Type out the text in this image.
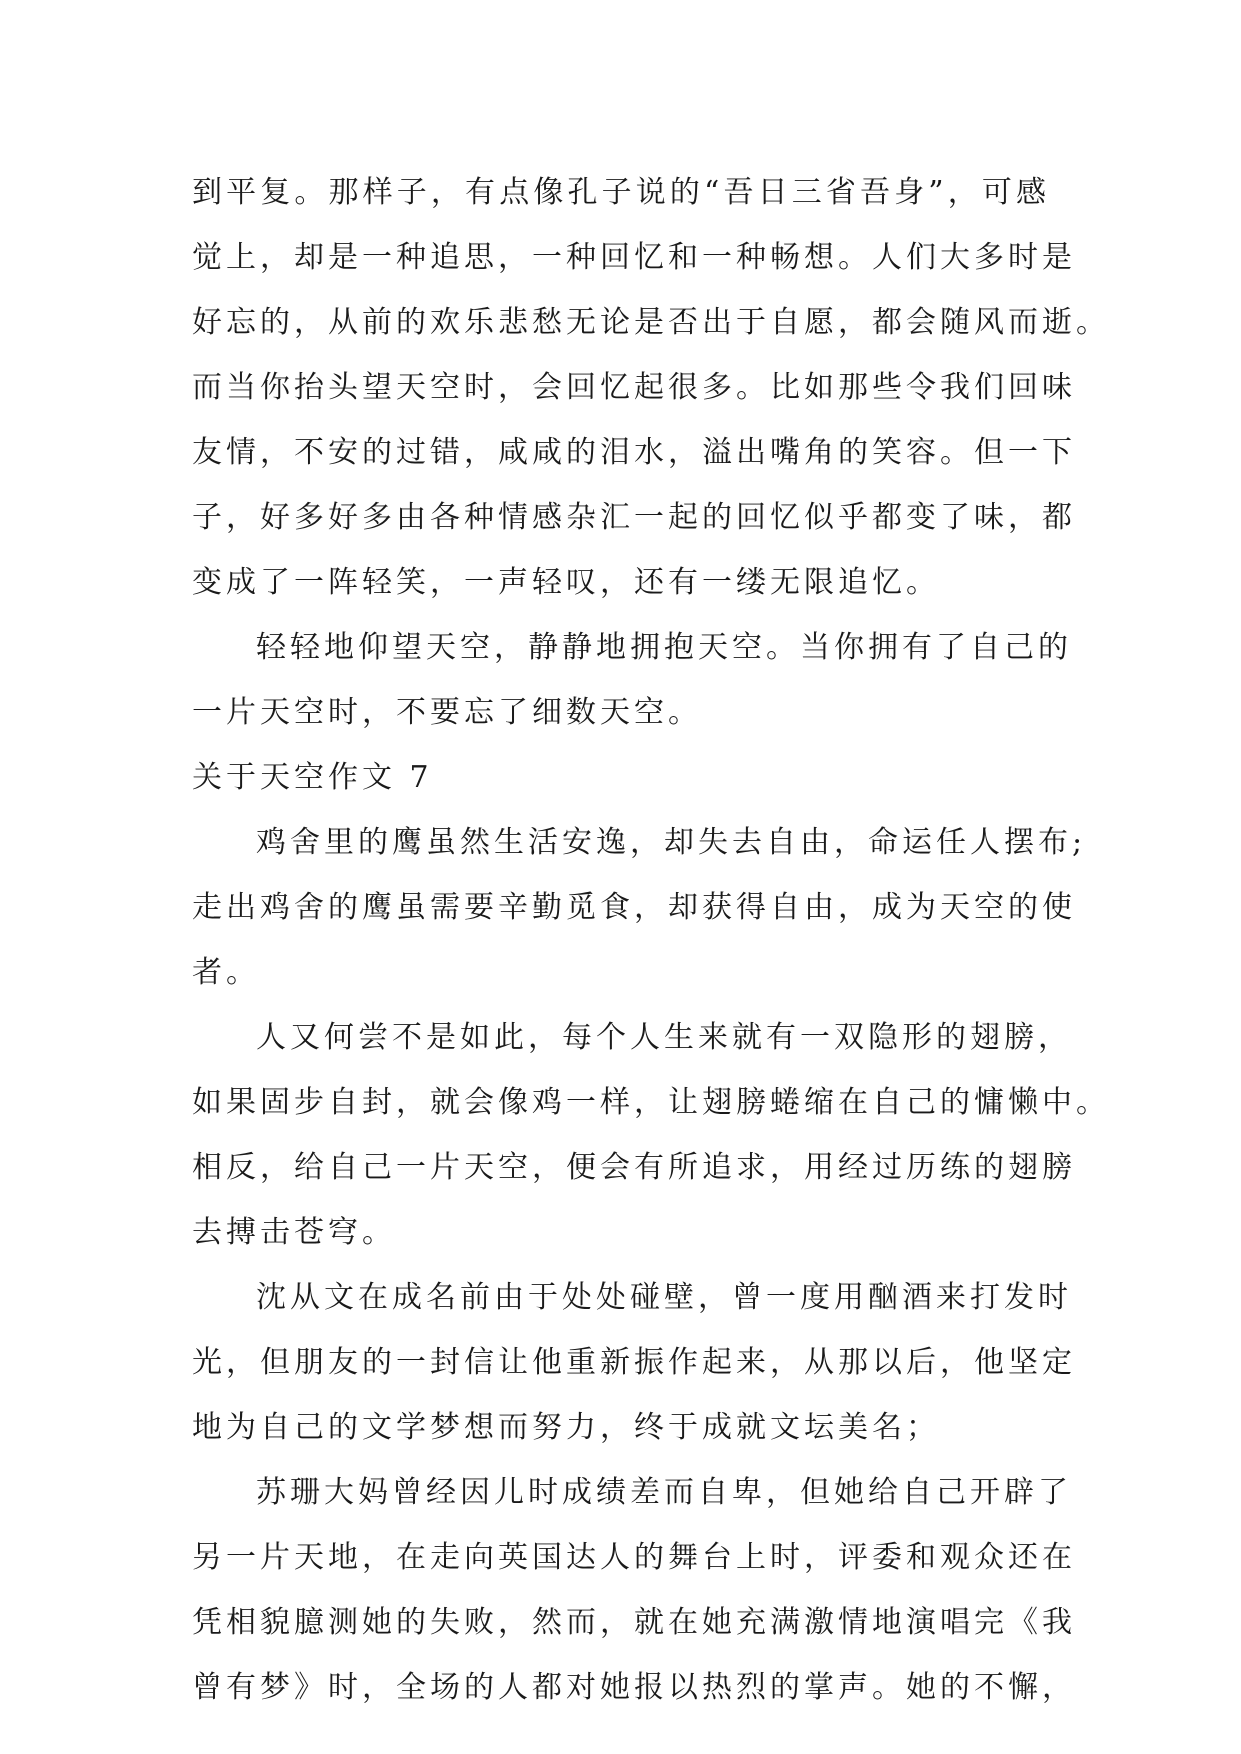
到平复。那样子，有点像孔子说的“吾日三省吾身”，可感
觉上，却是一种追思，一种回忆和一种畅想。人们大多时是
好忘的，从前的欢乐悲愁无论是否出于自愿，都会随风而逝。
而当你抬头望天空时，会回忆起很多。比如那些令我们回味
友情，不安的过错，咸咸的泪水，溢出嘴角的笑容。但一下
子，好多好多由各种情感杂汇一起的回忆似乎都变了味，都
变成了一阵轻笑，一声轻叹，还有一缕无限追忆。
轻轻地仰望天空，静静地拥抱天空。当你拥有了自己的
一片天空时，不要忘了细数天空。
关于天空作文 7
鸡舍里的鹰虽然生活安逸，却失去自由，命运任人摆布;
走出鸡舍的鹰虽需要辛勤觅食，却获得自由，成为天空的使
者。
人又何尝不是如此，每个人生来就有一双隐形的翅膀，
如果固步自封，就会像鸡一样，让翅膀蜷缩在自己的慵懒中。
相反，给自己一片天空，便会有所追求，用经过历练的翅膀
去搏击苍穹。
沈从文在成名前由于处处碰壁，曾一度用酗酒来打发时
光，但朋友的一封信让他重新振作起来，从那以后，他坚定
地为自己的文学梦想而努力，终于成就文坛美名；
苏珊大妈曾经因儿时成绩差而自卑，但她给自己开辟了
另一片天地，在走向英国达人的舞台上时，评委和观众还在
凭相貌臆测她的失败，然而，就在她充满激情地演唱完《我
曾有梦》时，全场的人都对她报以热烈的掌声。她的不懈，
